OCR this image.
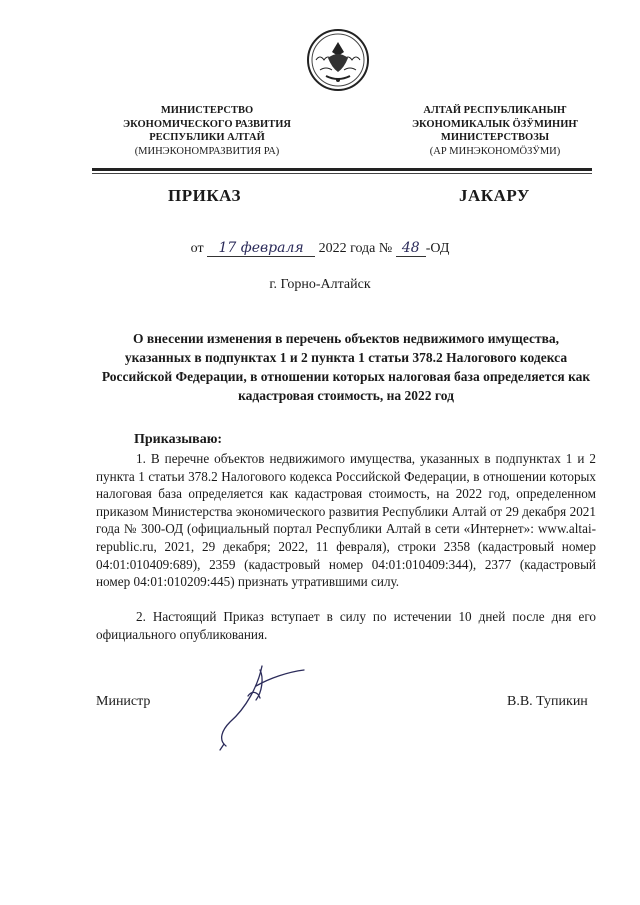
МИНИСТЕРСТВО
ЭКОНОМИЧЕСКОГО РАЗВИТИЯ
РЕСПУБЛИКИ АЛТАЙ
(МИНЭКОНОМРАЗВИТИЯ РА)
АЛТАЙ РЕСПУБЛИКАНЫҤ
ЭКОНОМИКАЛЫК ÖЗӰМИНИҤ
МИНИСТЕРСТВОЗЫ
(АР МИНЭКОНОМÖЗӰМИ)
ПРИКАЗ	JАКАРУ
от 17 февраля 2022 года № 48 -ОД
г. Горно-Алтайск
О внесении изменения в перечень объектов недвижимого имущества, указанных в подпунктах 1 и 2 пункта 1 статьи 378.2 Налогового кодекса Российской Федерации, в отношении которых налоговая база определяется как кадастровая стоимость, на 2022 год
Приказываю:
1. В перечне объектов недвижимого имущества, указанных в подпунктах 1 и 2 пункта 1 статьи 378.2 Налогового кодекса Российской Федерации, в отношении которых налоговая база определяется как кадастровая стоимость, на 2022 год, определенном приказом Министерства экономического развития Республики Алтай от 29 декабря 2021 года № 300-ОД (официальный портал Республики Алтай в сети «Интернет»: www.altai-republic.ru, 2021, 29 декабря; 2022, 11 февраля), строки 2358 (кадастровый номер 04:01:010409:689), 2359 (кадастровый номер 04:01:010409:344), 2377 (кадастровый номер 04:01:010209:445) признать утратившими силу.
2. Настоящий Приказ вступает в силу по истечении 10 дней после дня его официального опубликования.
Министр	В.В. Тупикин
